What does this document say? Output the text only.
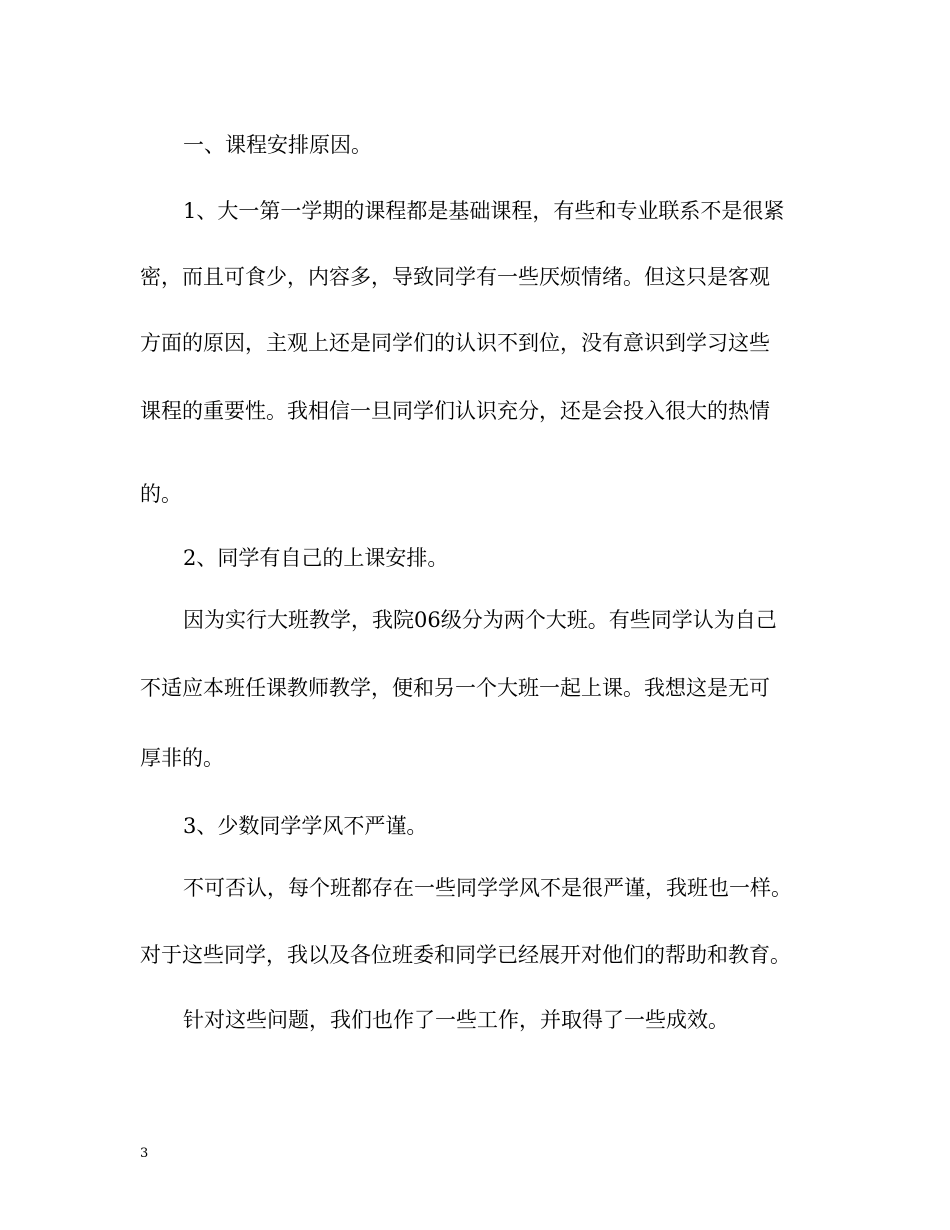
一、课程安排原因。
1、大一第一学期的课程都是基础课程，有些和专业联系不是很紧
密，而且可食少，内容多，导致同学有一些厌烦情绪。但这只是客观
方面的原因，主观上还是同学们的认识不到位，没有意识到学习这些
课程的重要性。我相信一旦同学们认识充分，还是会投入很大的热情
的。
2、同学有自己的上课安排。
因为实行大班教学，我院06级分为两个大班。有些同学认为自己
不适应本班任课教师教学，便和另一个大班一起上课。我想这是无可
厚非的。
3、少数同学学风不严谨。
不可否认，每个班都存在一些同学学风不是很严谨，我班也一样。
对于这些同学，我以及各位班委和同学已经展开对他们的帮助和教育。
针对这些问题，我们也作了一些工作，并取得了一些成效。
3
